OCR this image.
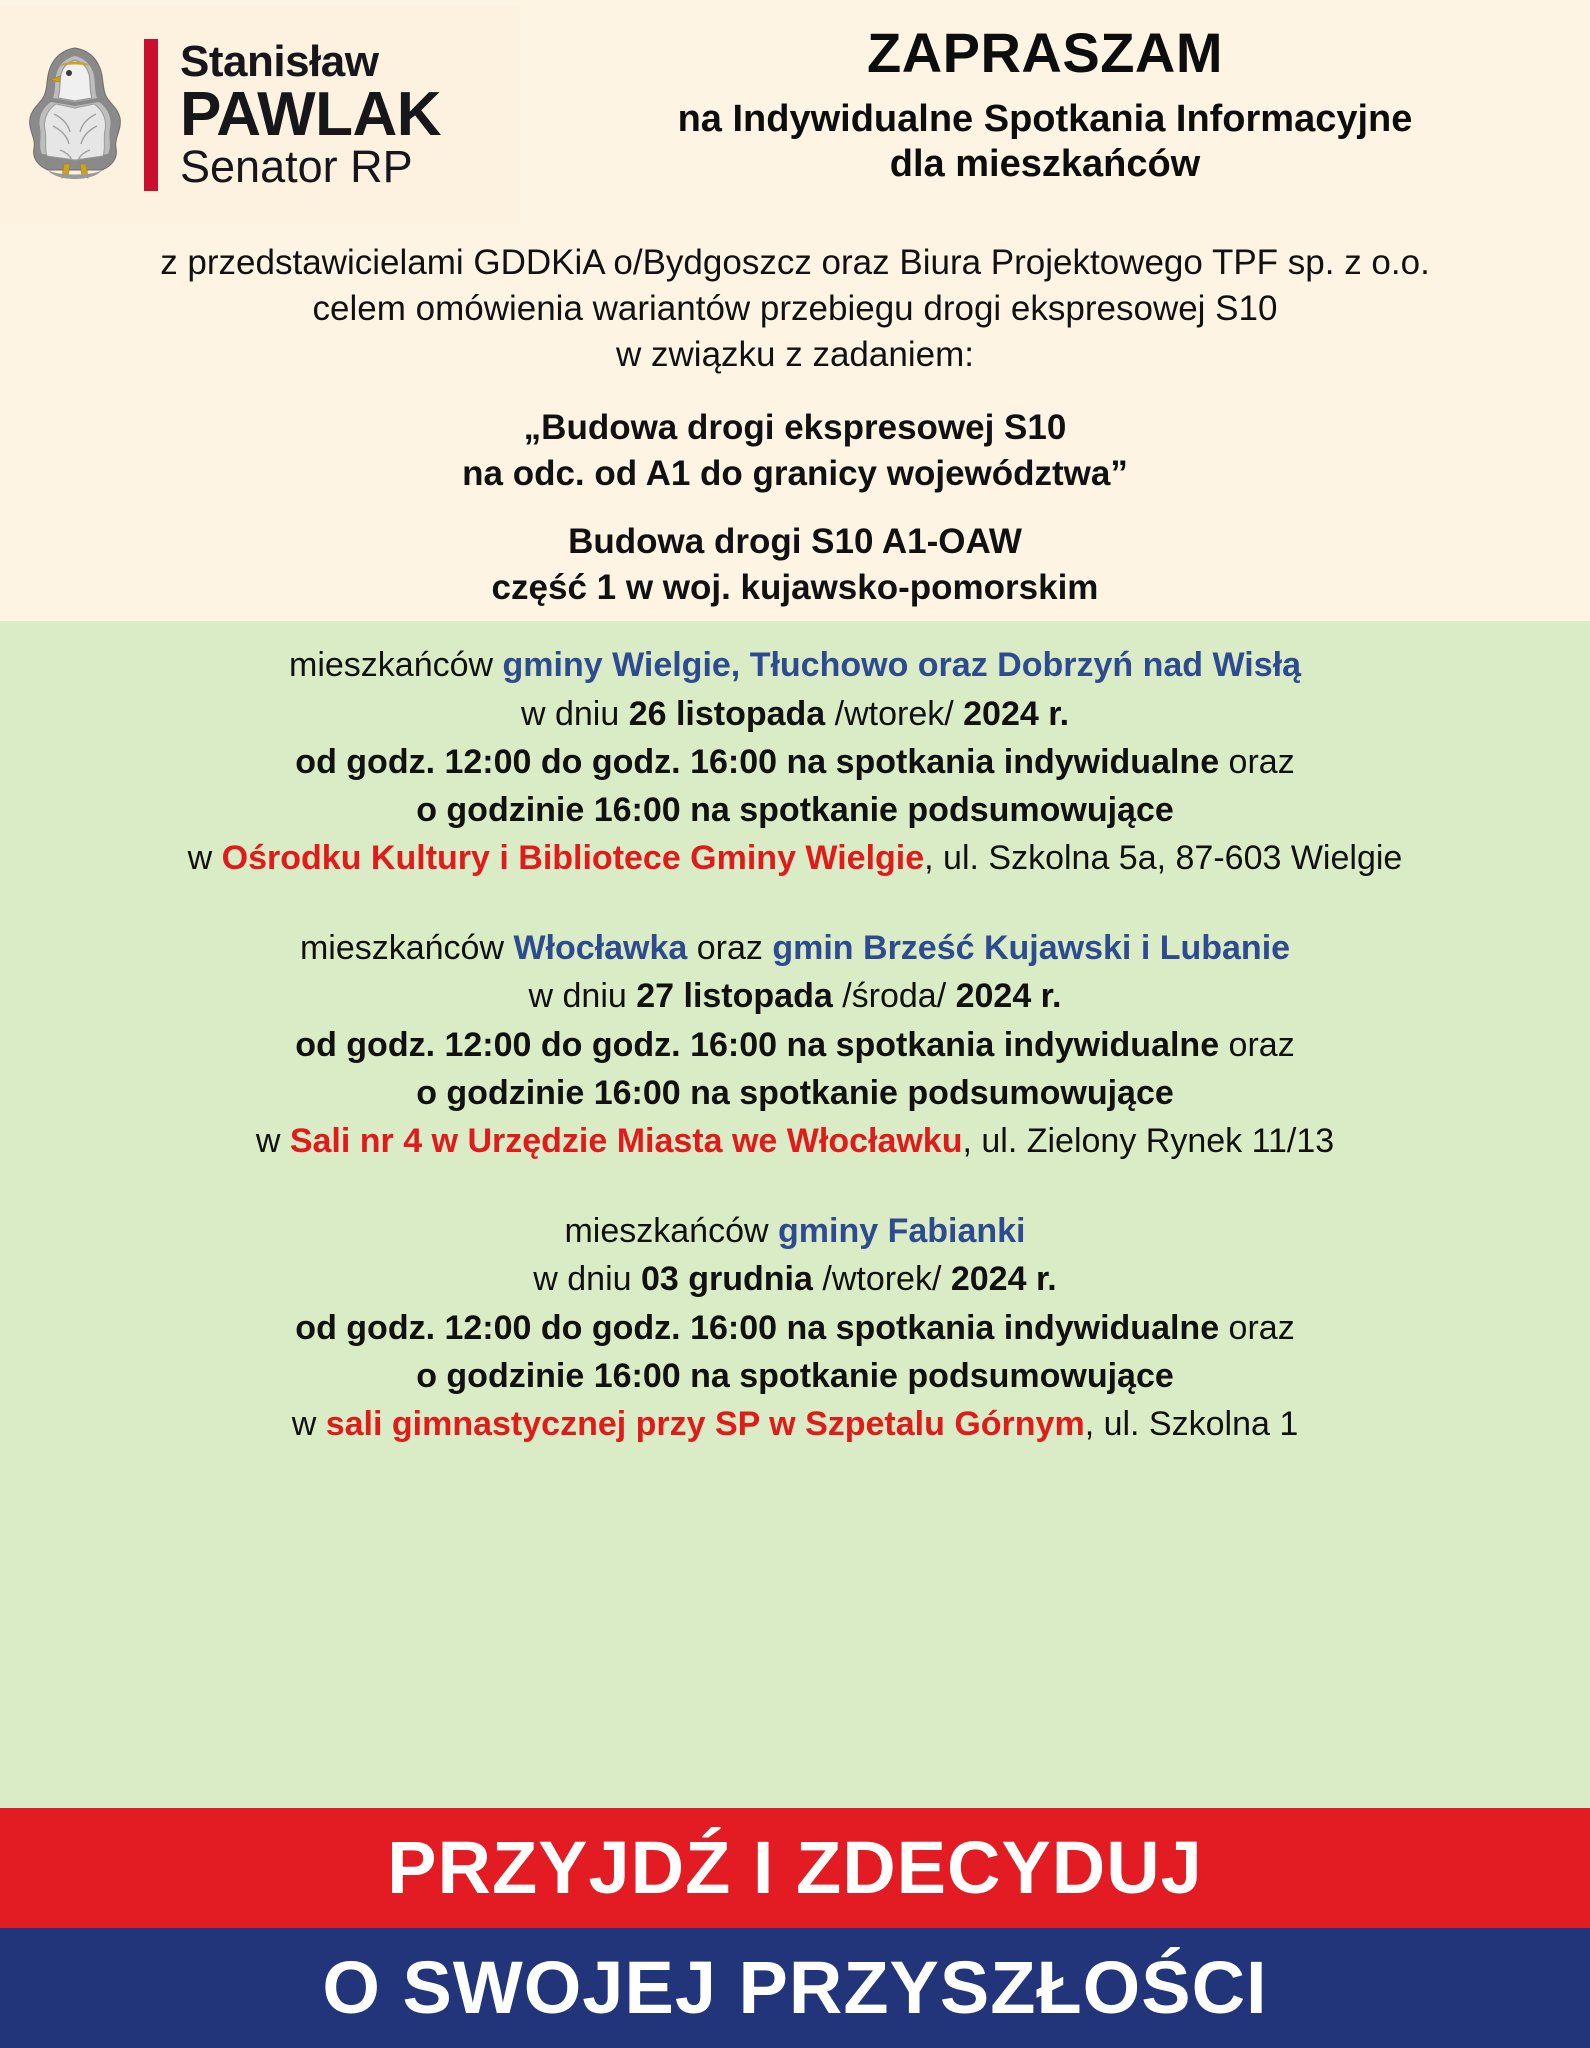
Stanisław
PAWLAK
Senator RP
ZAPRASZAM
na Indywidualne Spotkania Informacyjne
dla mieszkańców

z przedstawicielami GDDKiA o/Bydgoszcz oraz Biura Projektowego TPF sp. z o.o.

celem omówienia wariantów przebiegu drogi ekspresowej S10

w związku z zadaniem:

„Budowa drogi ekspresowej S10
na odc. od A1 do granicy województwa”

Budowa drogi S10 A1-OAW
część 1 w woj. kujawsko-pomorskim

mieszkańców gminy Wielgie, Tłuchowo oraz Dobrzyń nad Wisłą

w dniu 26 listopada /wtorek/ 2024 r.

od godz. 12:00 do godz. 16:00 na spotkania indywidualne oraz

o godzinie 16:00 na spotkanie podsumowujące

w Ośrodku Kultury i Bibliotece Gminy Wielgie, ul. Szkolna 5a, 87-603 Wielgie

mieszkańców Włocławka oraz gmin Brześć Kujawski i Lubanie

w dniu 27 listopada /środa/ 2024 r.

od godz. 12:00 do godz. 16:00 na spotkania indywidualne oraz

o godzinie 16:00 na spotkanie podsumowujące

w Sali nr 4 w Urzędzie Miasta we Włocławku, ul. Zielony Rynek 11/13

mieszkańców gminy Fabianki

w dniu 03 grudnia /wtorek/ 2024 r.

od godz. 12:00 do godz. 16:00 na spotkania indywidualne oraz

o godzinie 16:00 na spotkanie podsumowujące

w sali gimnastycznej przy SP w Szpetalu Górnym, ul. Szkolna 1

PRZYJDŹ I ZDECYDUJ
O SWOJEJ PRZYSZŁOŚCI
